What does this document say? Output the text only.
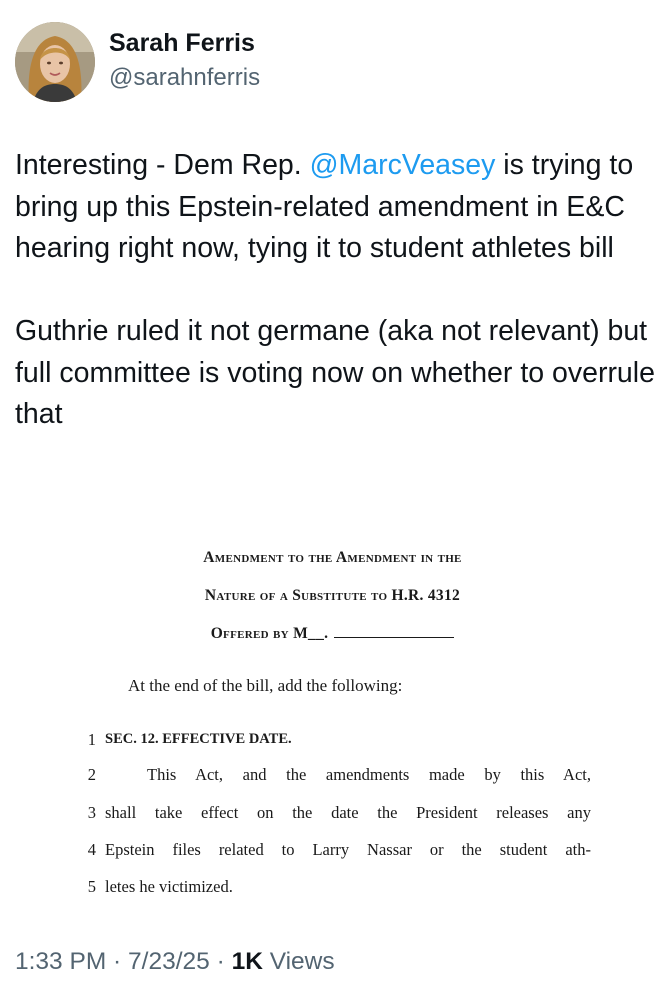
Sarah Ferris
@sarahnferris

Interesting - Dem Rep. @MarcVeasey is trying to bring up this Epstein-related amendment in E&C hearing right now, tying it to student athletes bill

Guthrie ruled it not germane (aka not relevant) but full committee is voting now on whether to overrule that

Amendment to the Amendment in the
Nature of a Substitute to H.R. 4312
Offered by M__.
At the end of the bill, add the following:
1 SEC. 12. EFFECTIVE DATE.
2	This Act, and the amendments made by this Act,
3 shall take effect on the date the President releases any
4 Epstein files related to Larry Nassar or the student ath-
5 letes he victimized.
1:33 PM · 7/23/25 · 1K Views
